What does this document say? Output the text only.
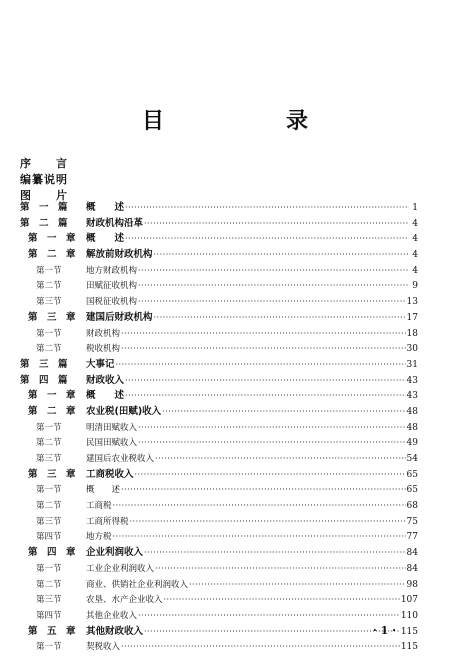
目　录
序　　言
编纂说明
图　　片
第　一　篇	概　　述 ·····	1
第　二　篇	财政机构沿革 ·····	4
第　一　章	概　　述 ·····	4
第　二　章	解放前财政机构 ·····	4
第一节	地方财政机构 ·····	4
第二节	田赋征收机构 ·····	9
第三节	国税征收机构 ·····	13
第　三　章	建国后财政机构 ·····	17
第一节	财政机构 ·····	18
第二节	税收机构 ·····	30
第　三　篇	大事记 ·····	31
第　四　篇	财政收入 ·····	43
第　一　章	概　　述 ·····	43
第　二　章	农业税(田赋)收入 ·····	48
第一节	明清田赋收入 ·····	48
第二节	民国田赋收入 ·····	49
第三节	建国后农业税收入 ·····	54
第　三　章	工商税收入 ·····	65
第一节	概　　述 ·····	65
第二节	工商税 ·····	68
第三节	工商所得税 ·····	75
第四节	地方税 ·····	77
第　四　章	企业利润收入 ·····	84
第一节	工业企业利润收入 ·····	84
第二节	商业、供销社企业利润收入 ·····	98
第三节	农垦、水产企业收入 ·····	107
第四节	其他企业收入 ·····	110
第　五　章	其他财政收入 ·····	115
第一节	契税收入 ·····	115
· 1 ·
